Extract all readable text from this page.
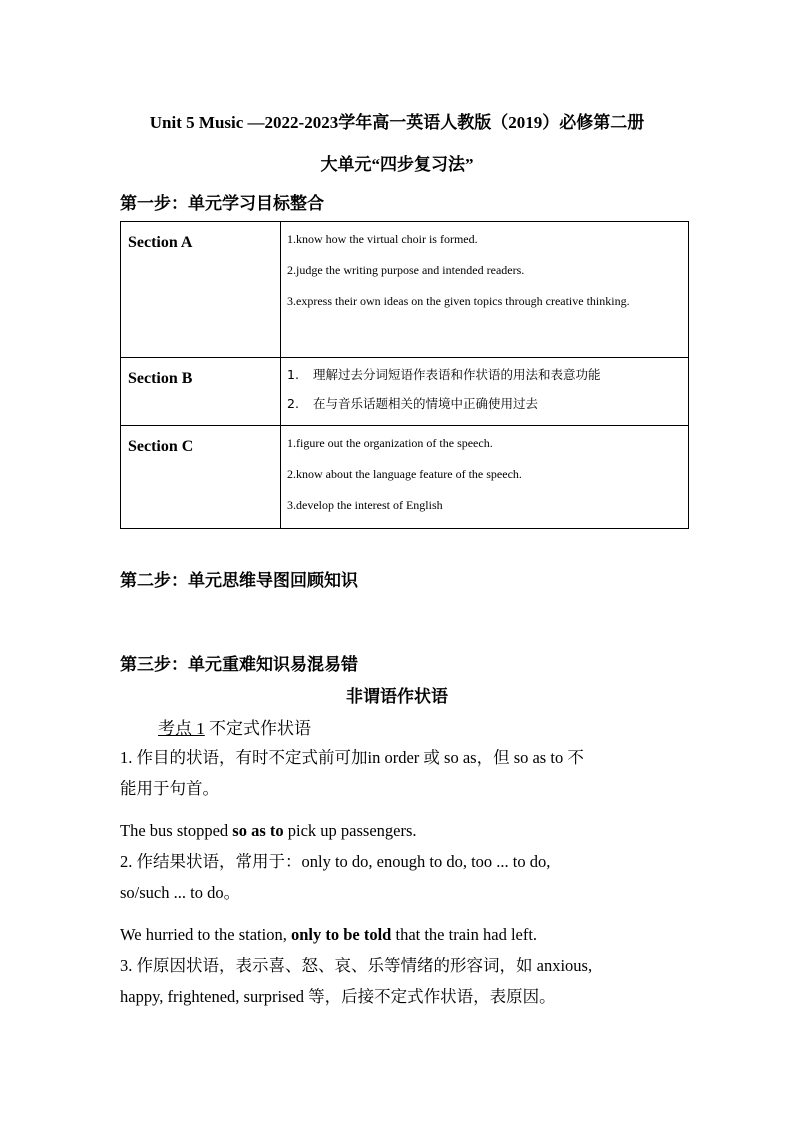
Unit 5 Music —2022-2023学年高一英语人教版（2019）必修第二册
大单元“四步复习法”
第一步：单元学习目标整合
Section A	1.know how the virtual choir is formed.
2.judge the writing purpose and intended readers.
3.express their own ideas on the given topics through creative thinking.

Section B	1. 理解过去分词短语作表语和作状语的用法和表意功能
2. 在与音乐话题相关的情境中正确使用过去

Section C	1.figure out the organization of the speech.
2.know about the language feature of the speech.
3.develop the interest of English
第二步：单元思维导图回顾知识
第三步：单元重难知识易混易错
非谓语作状语
考点 1 不定式作状语
1. 作目的状语，有时不定式前可加in order 或 so as，但 so as to 不
能用于句首。
The bus stopped so as to pick up passengers.
2. 作结果状语，常用于：only to do, enough to do, too ... to do,
so/such ... to do。
We hurried to the station, only to be told that the train had left.
3. 作原因状语，表示喜、怒、哀、乐等情绪的形容词，如 anxious,
happy, frightened, surprised 等，后接不定式作状语，表原因。
